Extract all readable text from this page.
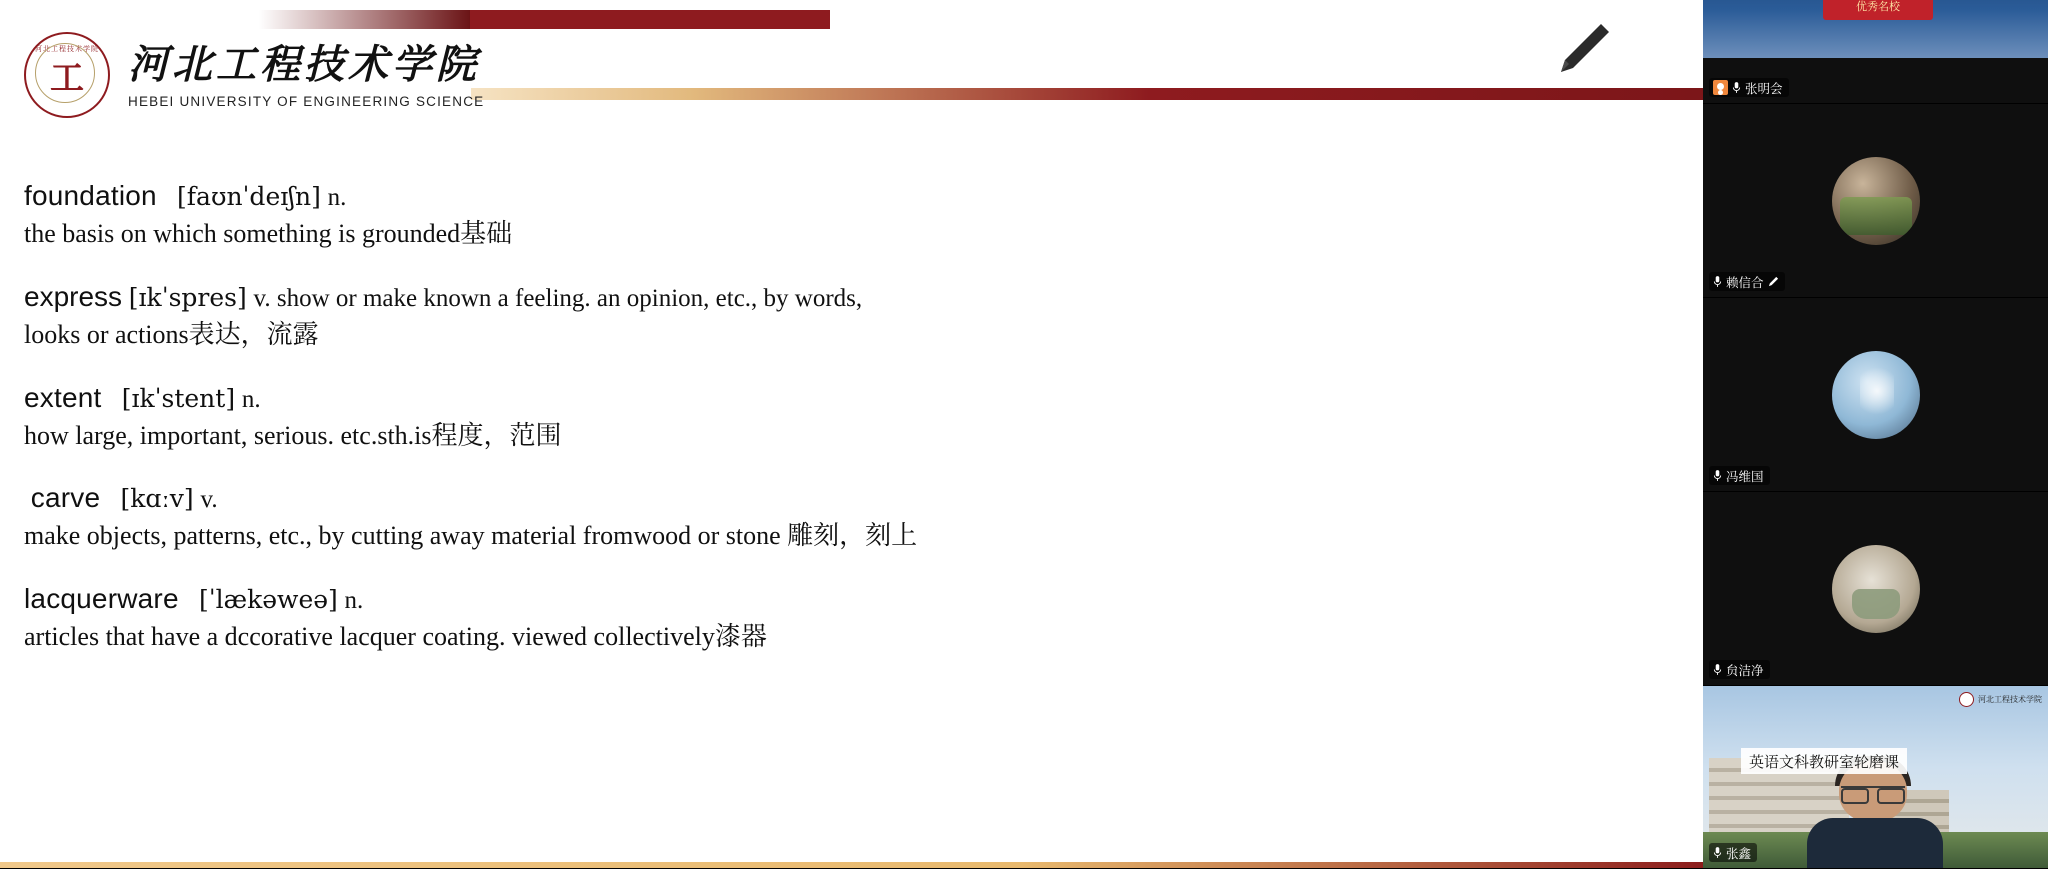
河北工程技术学院
工	河北工程技术学院
HEBEI UNIVERSITY OF ENGINEERING SCIENCE
foundation [faʊnˈdeɪʃn] n.
the basis on which something is grounded基础
express [ɪkˈspres] v. show or make known a feeling. an opinion, etc., by words,
looks or actions表达，流露
extent [ɪkˈstent] n.
how large, important, serious. etc.sth.is程度，范围
carve [kɑːv] v.
make objects, patterns, etc., by cutting away material fromwood or stone 雕刻，刻上
lacquerware [ˈlækəweə] n.
articles that have a dccorative lacquer coating. viewed collectively漆器
优秀名校
张明会
赖信合
冯维国
贠洁净
河北工程技术学院
英语文科教研室轮磨课
张鑫
